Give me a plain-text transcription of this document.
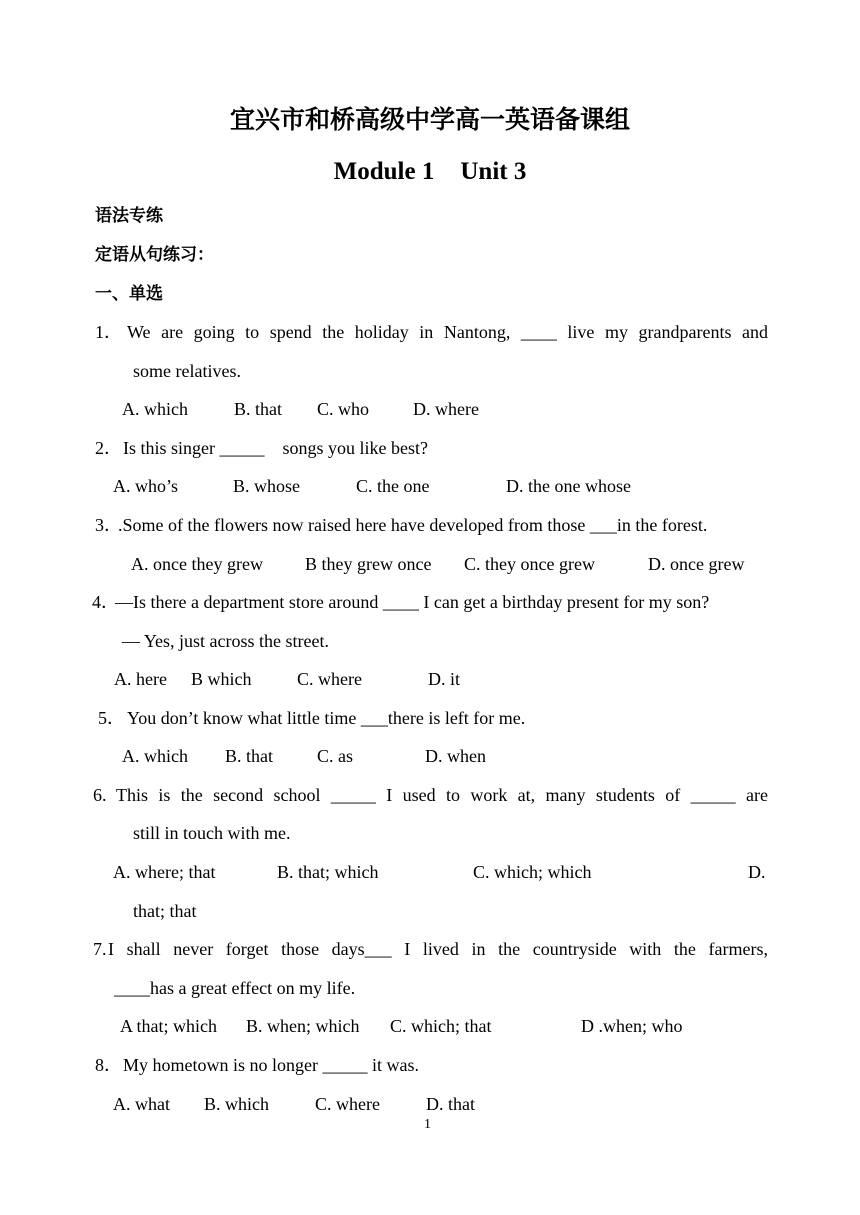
宜兴市和桥高级中学高一英语备课组
Module 1 Unit 3
语法专练
定语从句练习：
一、单选
1． We are going to spend the holiday in Nantong, ____ live my grandparents and
some relatives.
A. which	B. that C. who D. where
2． Is this singer _____    songs you like best?
A. who’s	B. whose	C. the one	D. the one whose
3．
.Some of the flowers now raised here have developed from those ___in the forest.
A. once they grew B they grew once C. they once grew	D. once grew
4．
—Is there a department store around ____ I can get a birthday present for my son?
— Yes, just across the street.
A. here B which	C. where	D. it
5． You don’t know what little time ___there is left for me.
A. which B. that C. as	D. when
6. This is the second school _____ I used to work at, many students of _____ are
still in touch with me.
A. where; that	B. that; which	C. which; which	D.
that; that
7. I shall never forget those days___ I lived in the countryside with the farmers,
____has a great effect on my life.
A that; which B. when; which C. which; that	D .when; who
8． My hometown is no longer _____ it was.
A. what B. which	C. where	D. that
1
